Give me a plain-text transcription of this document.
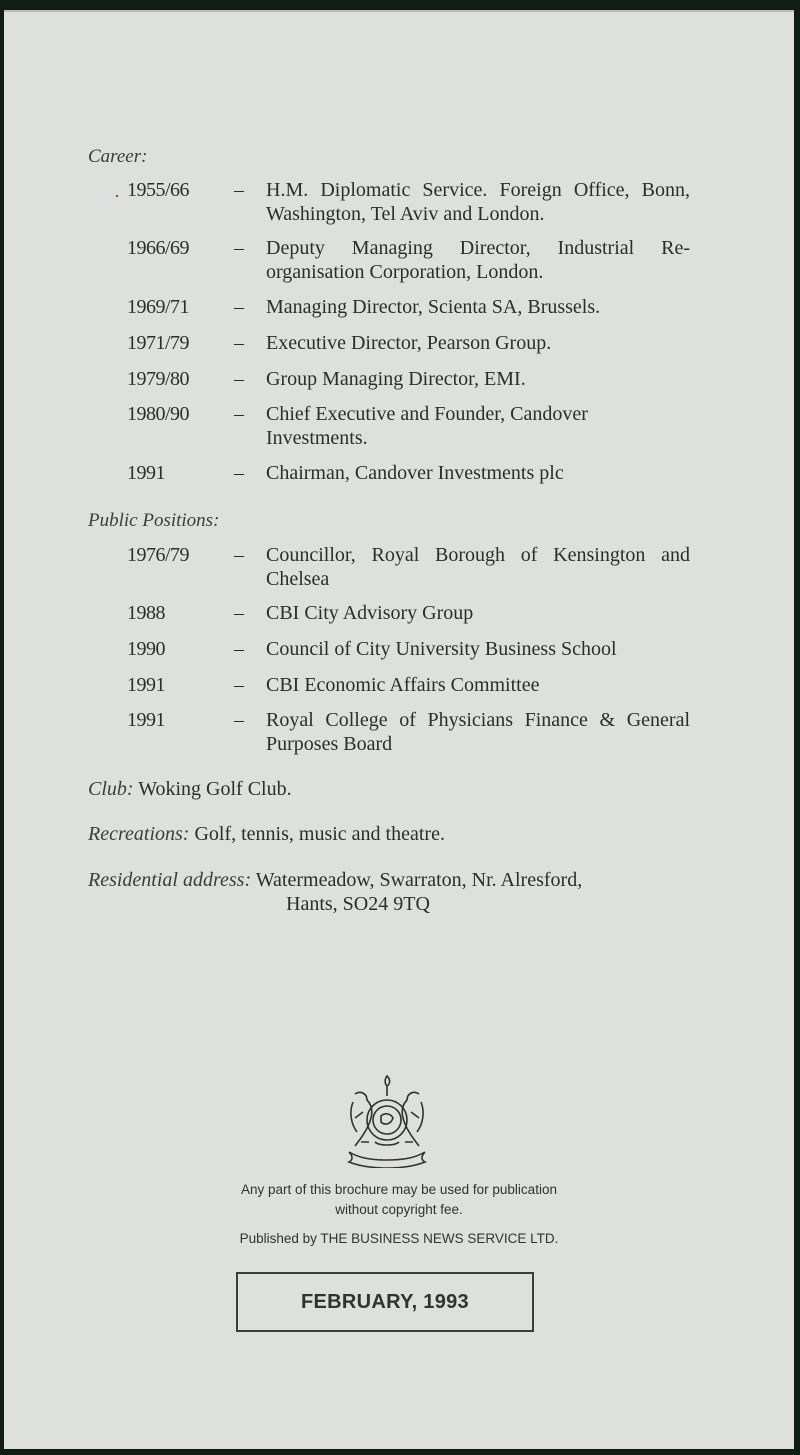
Career:
1955/66 – H.M. Diplomatic Service. Foreign Office, Bonn, Washington, Tel Aviv and London.
1966/69 – Deputy Managing Director, Industrial Re-organisation Corporation, London.
1969/71 – Managing Director, Scienta SA, Brussels.
1971/79 – Executive Director, Pearson Group.
1979/80 – Group Managing Director, EMI.
1980/90 – Chief Executive and Founder, Candover Investments.
1991	– Chairman, Candover Investments plc
Public Positions:
1976/79 – Councillor, Royal Borough of Kensington and Chelsea
1988	– CBI City Advisory Group
1990	– Council of City University Business School
1991	– CBI Economic Affairs Committee
1991	– Royal College of Physicians Finance & General Purposes Board
Club: Woking Golf Club.
Recreations: Golf, tennis, music and theatre.
Residential address: Watermeadow, Swarraton, Nr. Alresford,
Hants, SO24 9TQ
Any part of this brochure may be used for publication
without copyright fee.
Published by THE BUSINESS NEWS SERVICE LTD.
FEBRUARY, 1993
